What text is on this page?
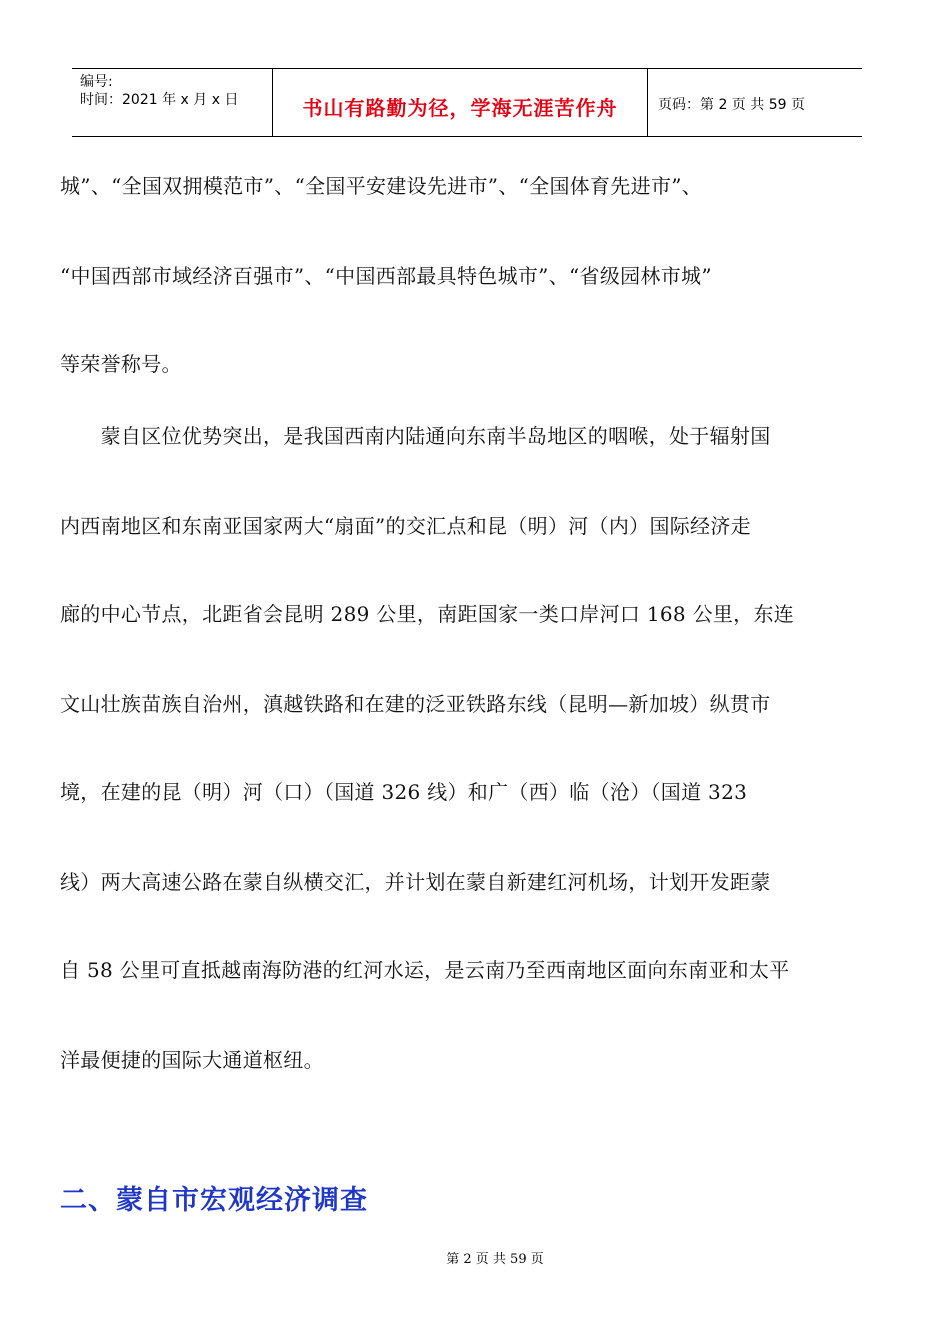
编号:
时间：2021 年 x 月 x 日	书山有路勤为径，学海无涯苦作舟	页码：第 2 页 共 59 页
城”、“全国双拥模范市”、“全国平安建设先进市”、“全国体育先进市”、
“中国西部市域经济百强市”、“中国西部最具特色城市”、“省级园林市城”
等荣誉称号。
　　蒙自区位优势突出，是我国西南内陆通向东南半岛地区的咽喉，处于辐射国
内西南地区和东南亚国家两大“扇面”的交汇点和昆（明）河（内）国际经济走
廊的中心节点，北距省会昆明 289 公里，南距国家一类口岸河口 168 公里，东连
文山壮族苗族自治州，滇越铁路和在建的泛亚铁路东线（昆明—新加坡）纵贯市
境，在建的昆（明）河（口）（国道 326 线）和广（西）临（沧）（国道 323
线）两大高速公路在蒙自纵横交汇，并计划在蒙自新建红河机场，计划开发距蒙
自 58 公里可直抵越南海防港的红河水运，是云南乃至西南地区面向东南亚和太平
洋最便捷的国际大通道枢纽。
二、蒙自市宏观经济调查
第 2 页 共 59 页
